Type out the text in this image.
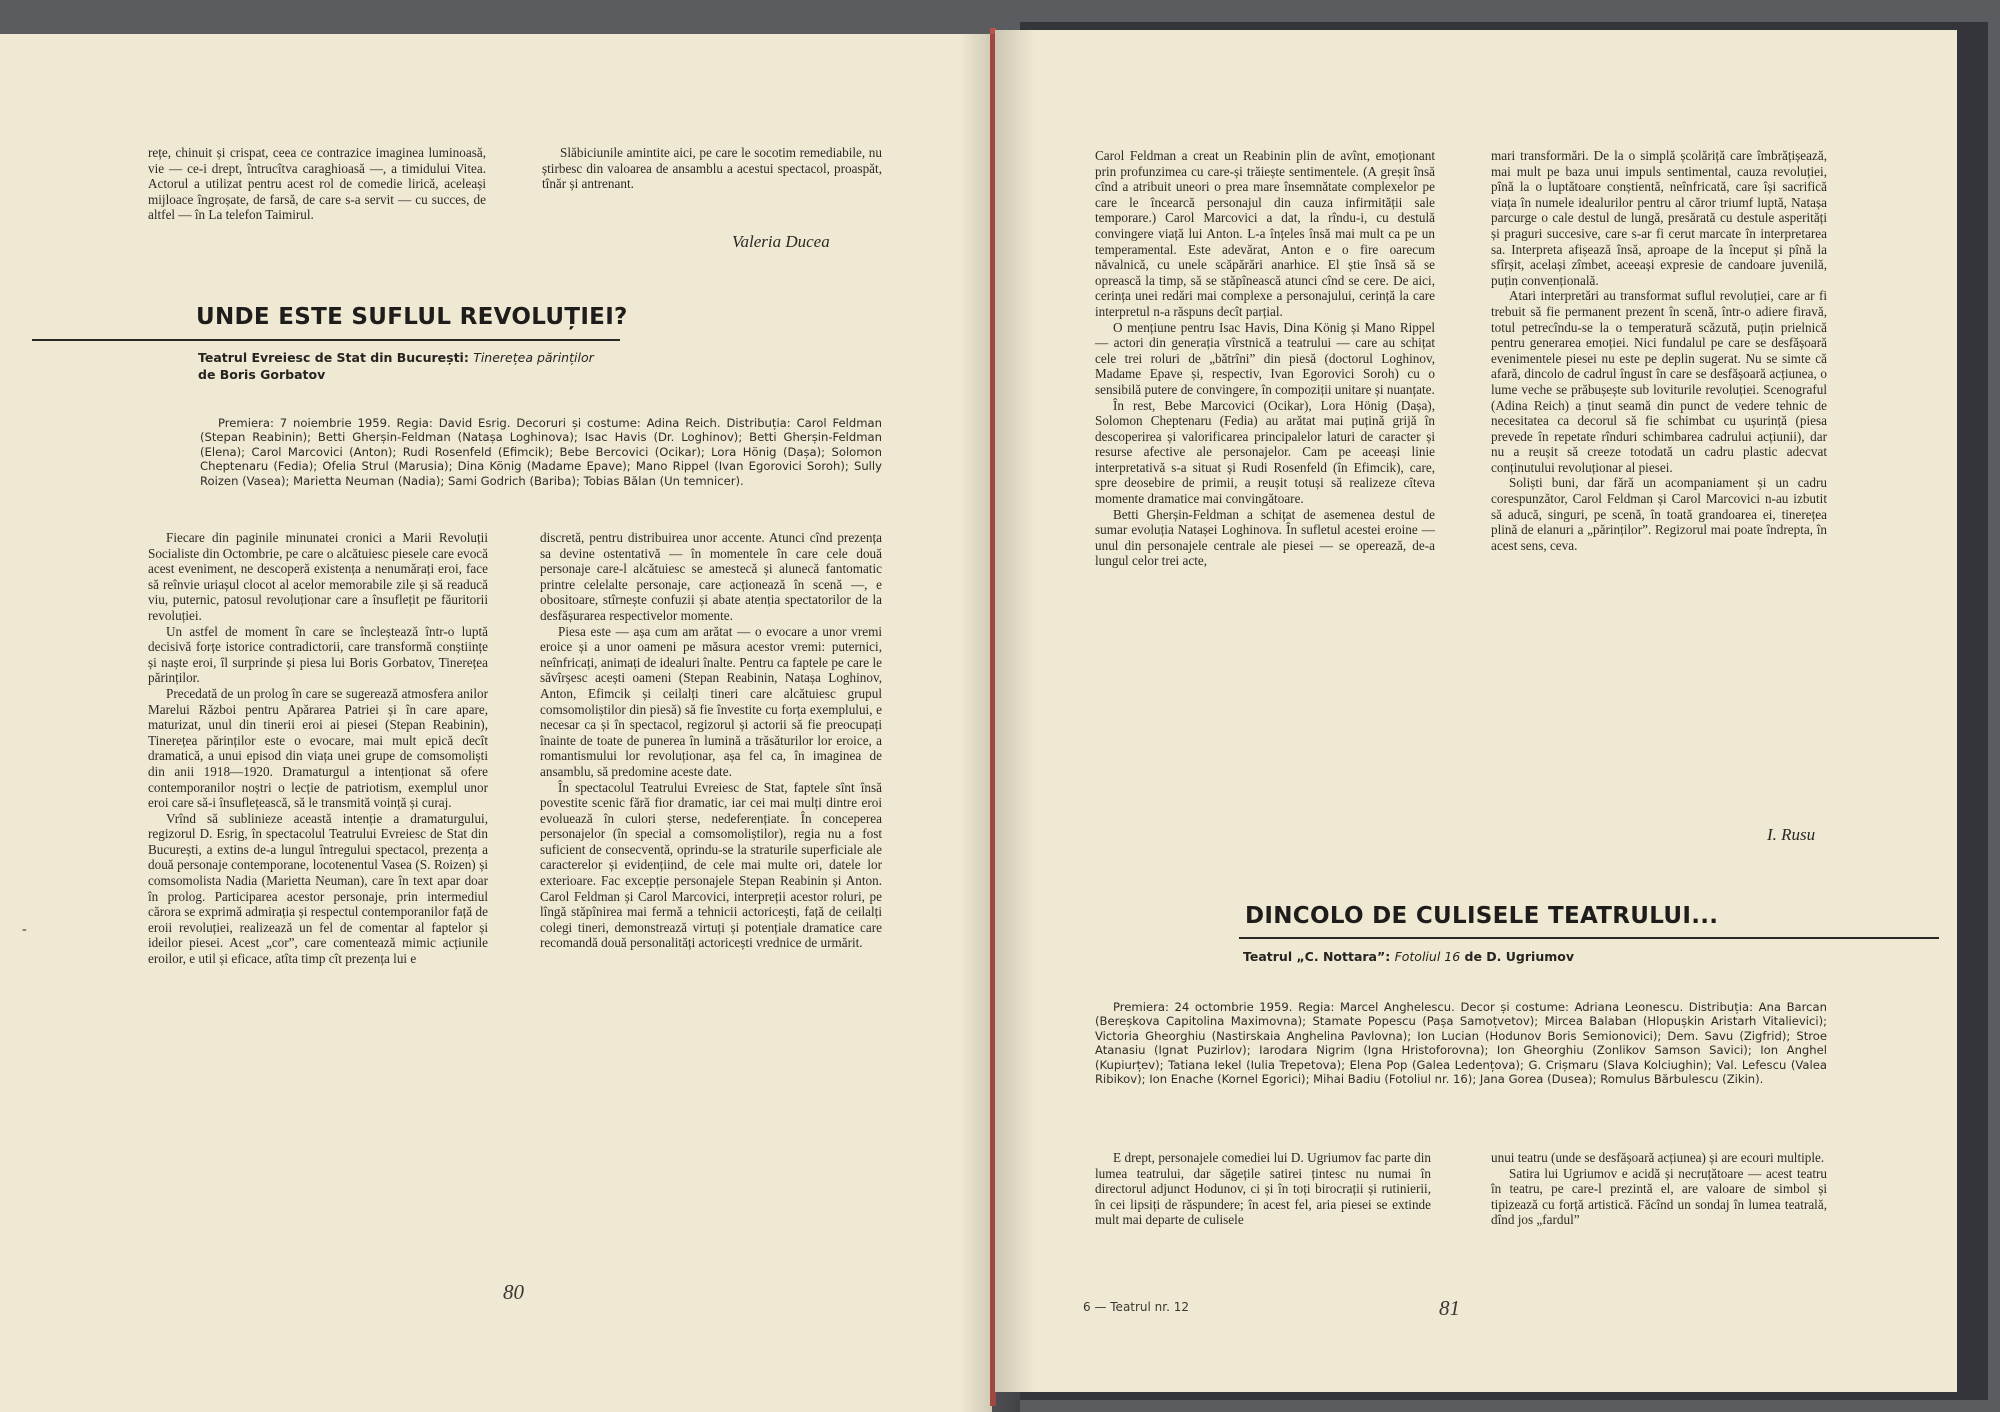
rețe, chinuit și crispat, ceea ce contrazice imaginea luminoasă, vie — ce-i drept, întrucîtva caraghioasă —, a timidului Vitea. Actorul a utilizat pentru acest rol de comedie lirică, aceleași mijloace îngroșate, de farsă, de care s-a servit — cu succes, de altfel — în La telefon Taimirul.

Slăbiciunile amintite aici, pe care le socotim remediabile, nu știrbesc din valoarea de ansamblu a acestui spectacol, proaspăt, tînăr și antrenant.

Valeria Ducea
UNDE ESTE SUFLUL REVOLUȚIEI?
Teatrul Evreiesc de Stat din București: Tinerețea părinților
de Boris Gorbatov

Premiera: 7 noiembrie 1959. Regia: David Esrig. Decoruri și costume: Adina Reich. Distribuția: Carol Feldman (Stepan Reabinin); Betti Gherșin-Feldman (Natașa Loghinova); Isac Havis (Dr. Loghinov); Betti Gherșin-Feldman (Elena); Carol Marcovici (Anton); Rudi Rosenfeld (Efimcik); Bebe Bercovici (Ocikar); Lora Hönig (Dașa); Solomon Cheptenaru (Fedia); Ofelia Strul (Marusia); Dina König (Madame Epave); Mano Rippel (Ivan Egorovici Soroh); Sully Roizen (Vasea); Marietta Neuman (Nadia); Sami Godrich (Bariba); Tobias Bălan (Un temnicer).

Fiecare din paginile minunatei cronici a Marii Revoluții Socialiste din Octombrie, pe care o alcătuiesc piesele care evocă acest eveniment, ne descoperă existența a nenumărați eroi, face să reînvie uriașul clocot al acelor memorabile zile și să readucă viu, puternic, patosul revoluționar care a însuflețit pe făuritorii revoluției.

Un astfel de moment în care se încleștează într-o luptă decisivă forțe istorice contradictorii, care transformă conștiințe și naște eroi, îl surprinde și piesa lui Boris Gorbatov, Tinerețea părinților.

Precedată de un prolog în care se sugerează atmosfera anilor Marelui Război pentru Apărarea Patriei și în care apare, maturizat, unul din tinerii eroi ai piesei (Stepan Reabinin), Tinerețea părinților este o evocare, mai mult epică decît dramatică, a unui episod din viața unei grupe de comsomoliști din anii 1918—1920. Dramaturgul a intenționat să ofere contemporanilor noștri o lecție de patriotism, exemplul unor eroi care să-i însuflețească, să le transmită voință și curaj.

Vrînd să sublinieze această intenție a dramaturgului, regizorul D. Esrig, în spectacolul Teatrului Evreiesc de Stat din București, a extins de-a lungul întregului spectacol, prezența a două personaje contemporane, locotenentul Vasea (S. Roizen) și comsomolista Nadia (Marietta Neuman), care în text apar doar în prolog. Participarea acestor personaje, prin intermediul cărora se exprimă admirația și respectul contemporanilor față de eroii revoluției, realizează un fel de comentar al faptelor și ideilor piesei. Acest „cor”, care comentează mimic acțiunile eroilor, e util și eficace, atîta timp cît prezența lui e

discretă, pentru distribuirea unor accente. Atunci cînd prezența sa devine ostentativă — în momentele în care cele două personaje care-l alcătuiesc se amestecă și alunecă fantomatic printre celelalte personaje, care acționează în scenă —, e obositoare, stîrnește confuzii și abate atenția spectatorilor de la desfășurarea respectivelor momente.

Piesa este — așa cum am arătat — o evocare a unor vremi eroice și a unor oameni pe măsura acestor vremi: puternici, neînfricați, animați de idealuri înalte. Pentru ca faptele pe care le săvîrșesc acești oameni (Stepan Reabinin, Natașa Loghinov, Anton, Efimcik și ceilalți tineri care alcătuiesc grupul comsomoliștilor din piesă) să fie învestite cu forța exemplului, e necesar ca și în spectacol, regizorul și actorii să fie preocupați înainte de toate de punerea în lumină a trăsăturilor lor eroice, a romantismului lor revoluționar, așa fel ca, în imaginea de ansamblu, să predomine aceste date.

În spectacolul Teatrului Evreiesc de Stat, faptele sînt însă povestite scenic fără fior dramatic, iar cei mai mulți dintre eroi evoluează în culori șterse, nedeferențiate. În conceperea personajelor (în special a comsomoliștilor), regia nu a fost suficient de consecventă, oprindu-se la straturile superficiale ale caracterelor și evidențiind, de cele mai multe ori, datele lor exterioare. Fac excepție personajele Stepan Reabinin și Anton. Carol Feldman și Carol Marcovici, interpreții acestor roluri, pe lîngă stăpînirea mai fermă a tehnicii actoricești, față de ceilalți colegi tineri, demonstrează virtuți și potențiale dramatice care recomandă două personalități actoricești vrednice de urmărit.

80
-

Carol Feldman a creat un Reabinin plin de avînt, emoționant prin profunzimea cu care-și trăiește sentimentele. (A greșit însă cînd a atribuit uneori o prea mare însemnătate complexelor pe care le încearcă personajul din cauza infirmității sale temporare.) Carol Marcovici a dat, la rîndu-i, cu destulă convingere viață lui Anton. L-a înțeles însă mai mult ca pe un temperamental. Este adevărat, Anton e o fire oarecum năvalnică, cu unele scăpărări anarhice. El știe însă să se oprească la timp, să se stăpînească atunci cînd se cere. De aici, cerința unei redări mai complexe a personajului, cerință la care interpretul n-a răspuns decît parțial.

O mențiune pentru Isac Havis, Dina König și Mano Rippel — actori din generația vîrstnică a teatrului — care au schițat cele trei roluri de „bătrîni” din piesă (doctorul Loghinov, Madame Epave și, respectiv, Ivan Egorovici Soroh) cu o sensibilă putere de convingere, în compoziții unitare și nuanțate.

În rest, Bebe Marcovici (Ocikar), Lora Hönig (Dașa), Solomon Cheptenaru (Fedia) au arătat mai puțină grijă în descoperirea și valorificarea principalelor laturi de caracter și resurse afective ale personajelor. Cam pe aceeași linie interpretativă s-a situat și Rudi Rosenfeld (în Efimcik), care, spre deosebire de primii, a reușit totuși să realizeze cîteva momente dramatice mai convingătoare.

Betti Gherșin-Feldman a schițat de asemenea destul de sumar evoluția Natașei Loghinova. În sufletul acestei eroine — unul din personajele centrale ale piesei — se operează, de-a lungul celor trei acte,

mari transformări. De la o simplă școlăriță care îmbrățișează, mai mult pe baza unui impuls sentimental, cauza revoluției, pînă la o luptătoare conștientă, neînfricată, care își sacrifică viața în numele idealurilor pentru al căror triumf luptă, Natașa parcurge o cale destul de lungă, presărată cu destule asperități și praguri succesive, care s-ar fi cerut marcate în interpretarea sa. Interpreta afișează însă, aproape de la început și pînă la sfîrșit, același zîmbet, aceeași expresie de candoare juvenilă, puțin convențională.

Atari interpretări au transformat suflul revoluției, care ar fi trebuit să fie permanent prezent în scenă, într-o adiere firavă, totul petrecîndu-se la o temperatură scăzută, puțin prielnică pentru generarea emoției. Nici fundalul pe care se desfășoară evenimentele piesei nu este pe deplin sugerat. Nu se simte că afară, dincolo de cadrul îngust în care se desfășoară acțiunea, o lume veche se prăbușește sub loviturile revoluției. Scenograful (Adina Reich) a ținut seamă din punct de vedere tehnic de necesitatea ca decorul să fie schimbat cu ușurință (piesa prevede în repetate rînduri schimbarea cadrului acțiunii), dar nu a reușit să creeze totodată un cadru plastic adecvat conținutului revoluționar al piesei.

Soliști buni, dar fără un acompaniament și un cadru corespunzător, Carol Feldman și Carol Marcovici n-au izbutit să aducă, singuri, pe scenă, în toată grandoarea ei, tinerețea plină de elanuri a „părinților”. Regizorul mai poate îndrepta, în acest sens, ceva.

I. Rusu
DINCOLO DE CULISELE TEATRULUI...
Teatrul „C. Nottara”: Fotoliul 16 de D. Ugriumov

Premiera: 24 octombrie 1959. Regia: Marcel Anghelescu. Decor și costume: Adriana Leonescu. Distribuția: Ana Barcan (Bereșkova Capitolina Maximovna); Stamate Popescu (Pașa Samoțvetov); Mircea Balaban (Hlopușkin Aristarh Vitalievici); Victoria Gheorghiu (Nastirskaia Anghelina Pavlovna); Ion Lucian (Hodunov Boris Semionovici); Dem. Savu (Zigfrid); Stroe Atanasiu (Ignat Puzirlov); Iarodara Nigrim (Igna Hristoforovna); Ion Gheorghiu (Zonlikov Samson Savici); Ion Anghel (Kupiurțev); Tatiana Iekel (Iulia Trepetova); Elena Pop (Galea Ledențova); G. Crișmaru (Slava Kolciughin); Val. Lefescu (Valea Ribikov); Ion Enache (Kornel Egorici); Mihai Badiu (Fotoliul nr. 16); Jana Gorea (Dusea); Romulus Bărbulescu (Zikin).

E drept, personajele comediei lui D. Ugriumov fac parte din lumea teatrului, dar săgețile satirei țintesc nu numai în directorul adjunct Hodunov, ci și în toți birocrații și rutinierii, în cei lipsiți de răspundere; în acest fel, aria piesei se extinde mult mai departe de culisele

unui teatru (unde se desfășoară acțiunea) și are ecouri multiple.

Satira lui Ugriumov e acidă și necruțătoare — acest teatru în teatru, pe care-l prezintă el, are valoare de simbol și tipizează cu forță artistică. Făcînd un sondaj în lumea teatrală, dînd jos „fardul”

6 — Teatrul nr. 12	81
